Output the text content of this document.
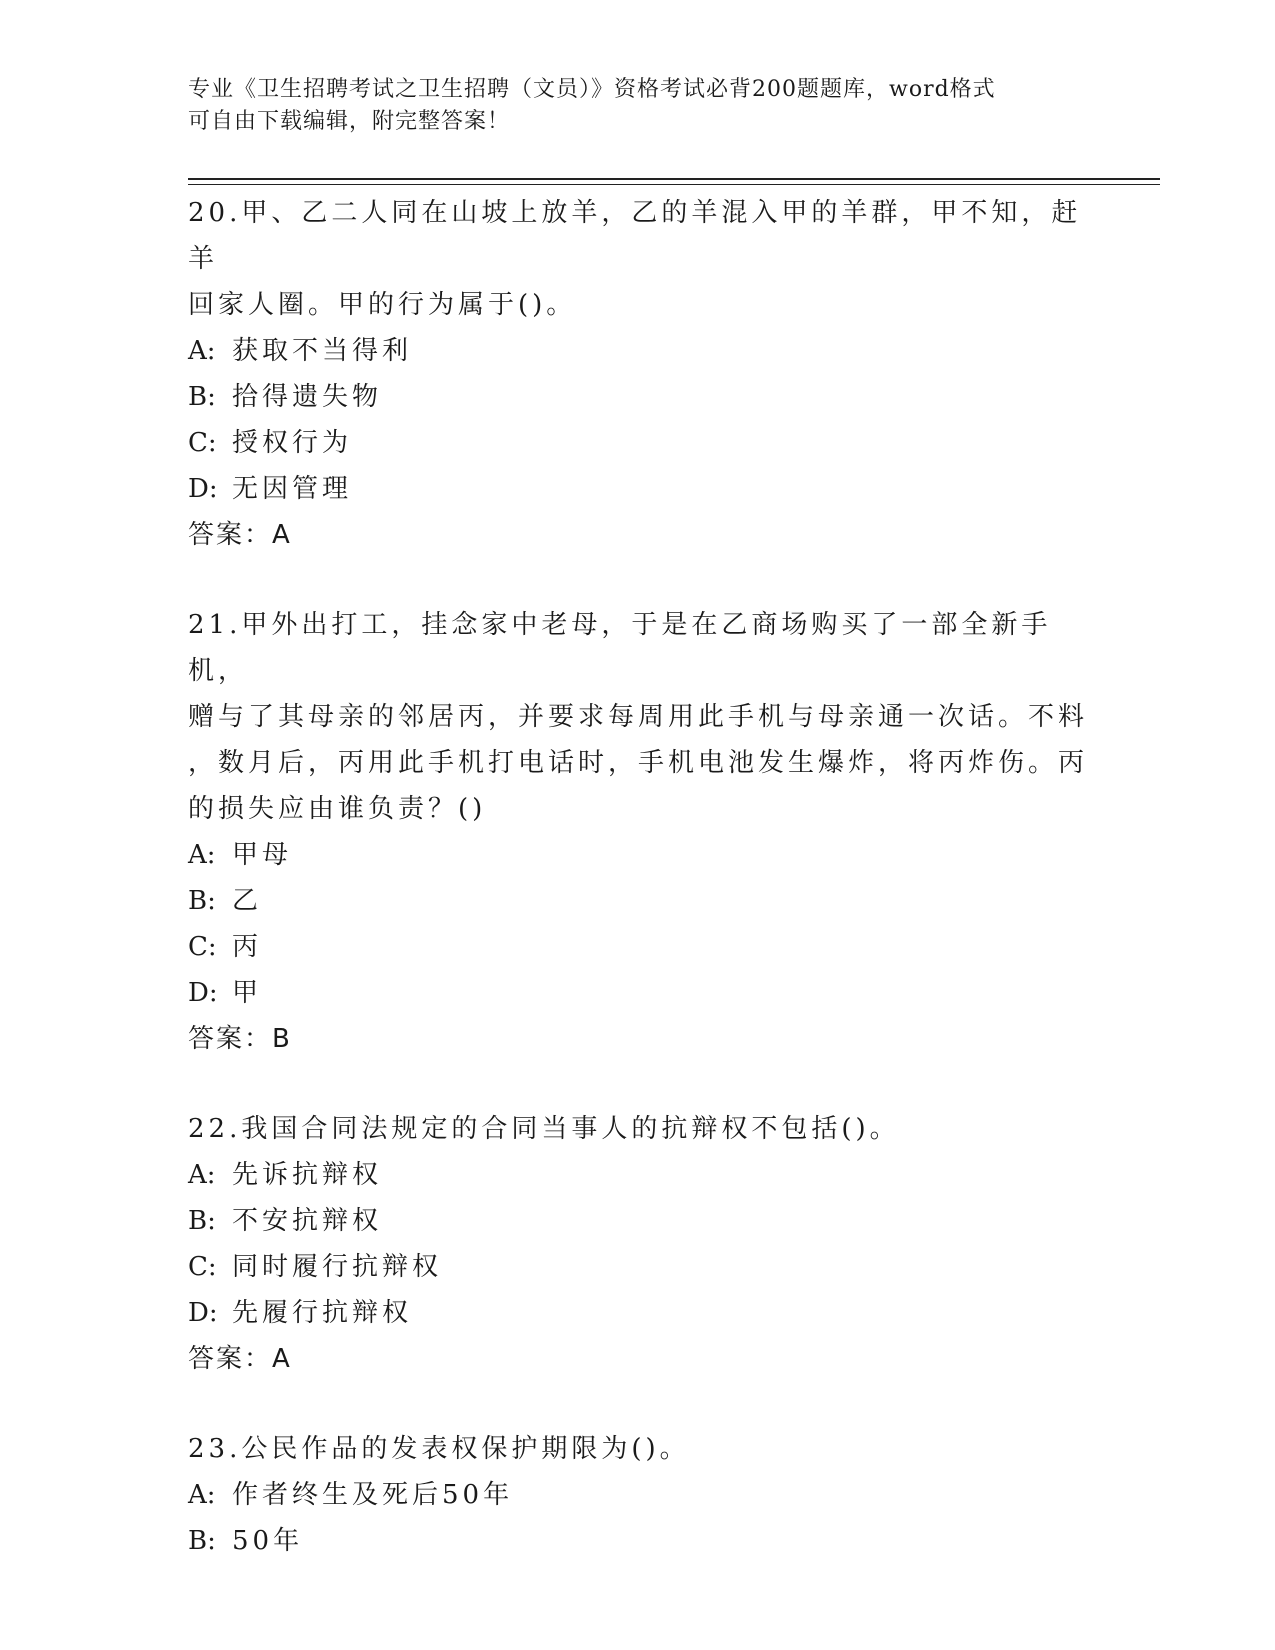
专业《卫生招聘考试之卫生招聘（文员）》资格考试必背200题题库，word格式
可自由下载编辑，附完整答案！
20.甲、乙二人同在山坡上放羊，乙的羊混入甲的羊群，甲不知，赶羊
回家人圈。甲的行为属于()。
A: 获取不当得利
B: 拾得遗失物
C: 授权行为
D: 无因管理
答案：A
21.甲外出打工，挂念家中老母，于是在乙商场购买了一部全新手机，
赠与了其母亲的邻居丙，并要求每周用此手机与母亲通一次话。不料
，数月后，丙用此手机打电话时，手机电池发生爆炸，将丙炸伤。丙
的损失应由谁负责？()
A: 甲母
B: 乙
C: 丙
D: 甲
答案：B
22.我国合同法规定的合同当事人的抗辩权不包括()。
A: 先诉抗辩权
B: 不安抗辩权
C: 同时履行抗辩权
D: 先履行抗辩权
答案：A
23.公民作品的发表权保护期限为()。
A: 作者终生及死后50年
B: 50年
